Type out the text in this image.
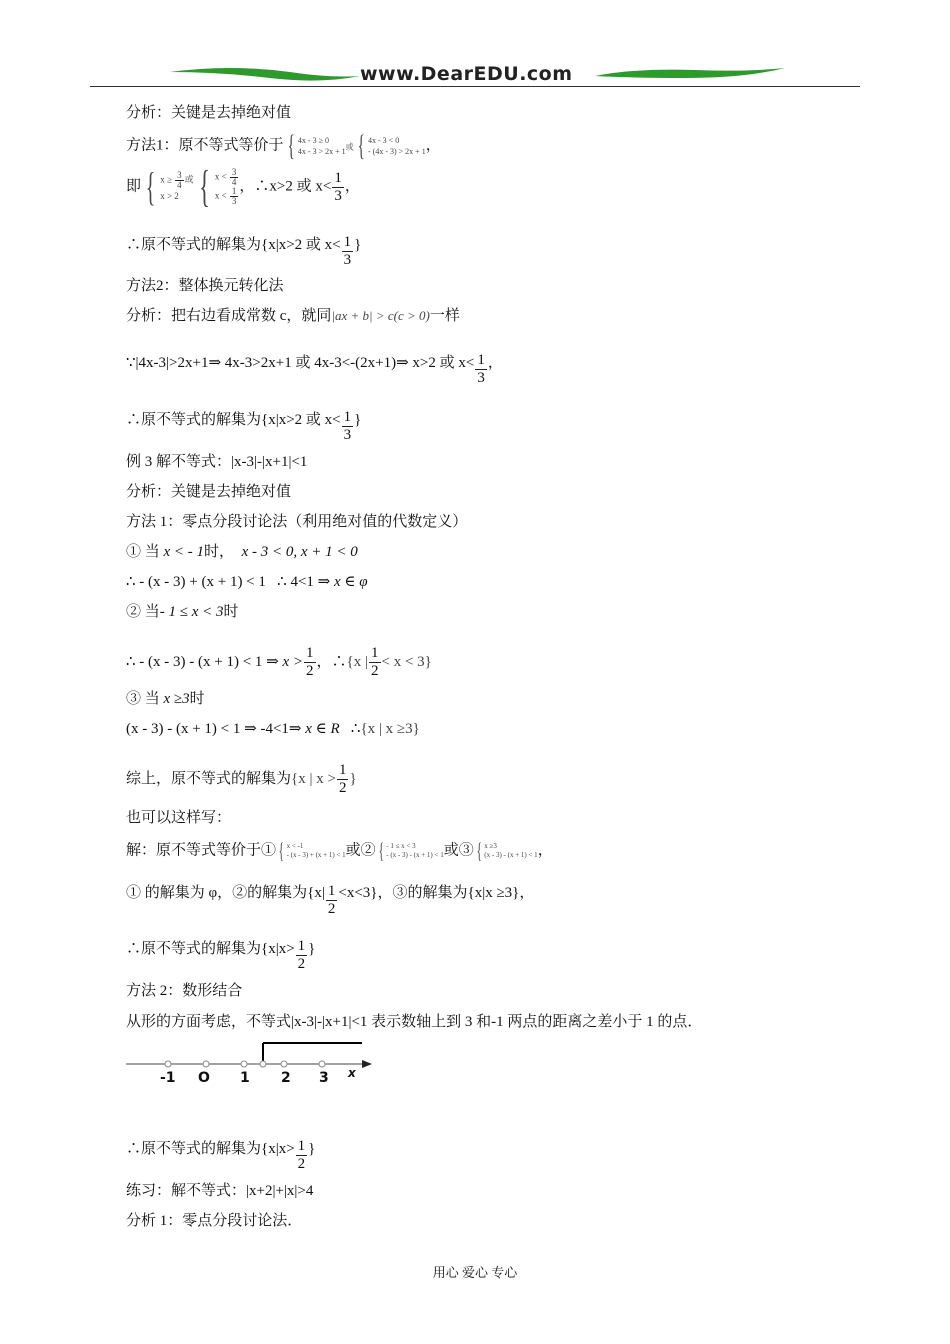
www.DearEDU.com
分析：关键是去掉绝对值
方法1：原不等式等价于 { 4x - 3 ≥ 0
4x - 3 > 2x + 1
或 { 4x - 3 < 0
- (4x - 3) > 2x + 1 ，
即 { $x \ge \frac{3}{4}$ 或
x > 2 { $x < \frac{3}{4}$
$x < \frac{1}{3}$
，∴x>2 或 $x< \frac{1}{3}$ ，
∴原不等式的解集为{x|x>2 或 $x< \frac{1}{3}$ }
方法2：整体换元转化法
分析：把右边看成常数 c，就同|ax + b| > c(c > 0)一样
∵|4x-3|>2x+1⇒ 4x-3>2x+1 或 4x-3<-(2x+1)⇒ x>2 或 $x< \frac{1}{3}$ ，
∴原不等式的解集为{x|x>2 或 $x< \frac{1}{3}$ }
例 3 解不等式：|x-3|-|x+1|<1
分析：关键是去掉绝对值
方法 1：零点分段讨论法（利用绝对值的代数定义）
① 当 x < - 1时， x - 3 < 0, x + 1 < 0
∴ - (x - 3) + (x + 1) < 1 ∴ 4<1 ⇒ x ∈ φ
② 当- 1 ≤ x < 3时
∴ - (x - 3) - (x + 1) < 1 ⇒ $x > \frac{1}{2}$ ，∴{x | $\frac{1}{2} < x < 3$}
③ 当 x ≥3时
(x - 3) - (x + 1) < 1 ⇒ -4<1⇒ x ∈ R ∴{x | x ≥3}
综上，原不等式的解集为{x | $x > \frac{1}{2}$ }
也可以这样写：
解：原不等式等价于① { x < -1
- (x - 3) + (x + 1) < 1 或② { - 1 ≤ x < 3
- (x - 3) - (x + 1) < 1 或③ { x ≥3
(x - 3) - (x + 1) < 1 ，
① 的解集为 φ，②的解集为$\{x| \frac{1}{2} <x<3\}$，③的解集为{x|x ≥3}，
∴原不等式的解集为{$x|x> \frac{1}{2}$ }
方法 2：数形结合
从形的方面考虑，不等式|x-3|-|x+1|<1 表示数轴上到 3 和-1 两点的距离之差小于 1 的点．
-1 O 1 2 3 x
∴原不等式的解集为{$x|x> \frac{1}{2}$ }
练习：解不等式：|x+2|+|x|>4
分析 1：零点分段讨论法．
用心 爱心 专心
